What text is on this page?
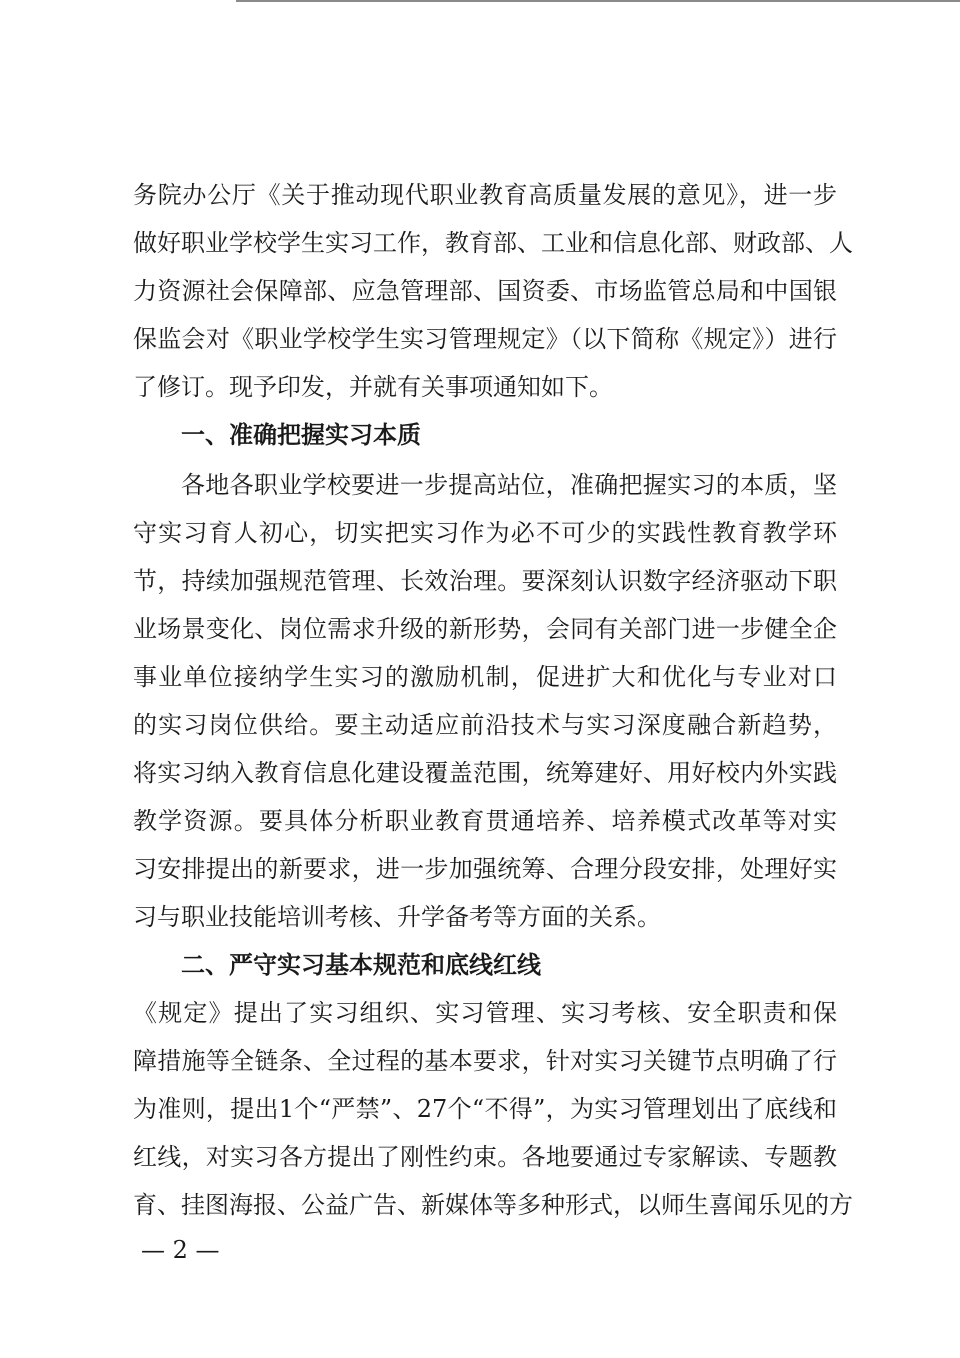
务院办公厅《关于推动现代职业教育高质量发展的意见》，进一步
做好职业学校学生实习工作，教育部、工业和信息化部、财政部、人
力资源社会保障部、应急管理部、国资委、市场监管总局和中国银
保监会对《职业学校学生实习管理规定》（以下简称《规定》）进行
了修订。现予印发，并就有关事项通知如下。
一、准确把握实习本质
各地各职业学校要进一步提高站位，准确把握实习的本质，坚
守实习育人初心，切实把实习作为必不可少的实践性教育教学环
节，持续加强规范管理、长效治理。要深刻认识数字经济驱动下职
业场景变化、岗位需求升级的新形势，会同有关部门进一步健全企
事业单位接纳学生实习的激励机制，促进扩大和优化与专业对口
的实习岗位供给。要主动适应前沿技术与实习深度融合新趋势，
将实习纳入教育信息化建设覆盖范围，统筹建好、用好校内外实践
教学资源。要具体分析职业教育贯通培养、培养模式改革等对实
习安排提出的新要求，进一步加强统筹、合理分段安排，处理好实
习与职业技能培训考核、升学备考等方面的关系。
二、严守实习基本规范和底线红线
《规定》提出了实习组织、实习管理、实习考核、安全职责和保
障措施等全链条、全过程的基本要求，针对实习关键节点明确了行
为准则，提出1个“严禁”、27个“不得”，为实习管理划出了底线和
红线，对实习各方提出了刚性约束。各地要通过专家解读、专题教
育、挂图海报、公益广告、新媒体等多种形式，以师生喜闻乐见的方
— 2 —
